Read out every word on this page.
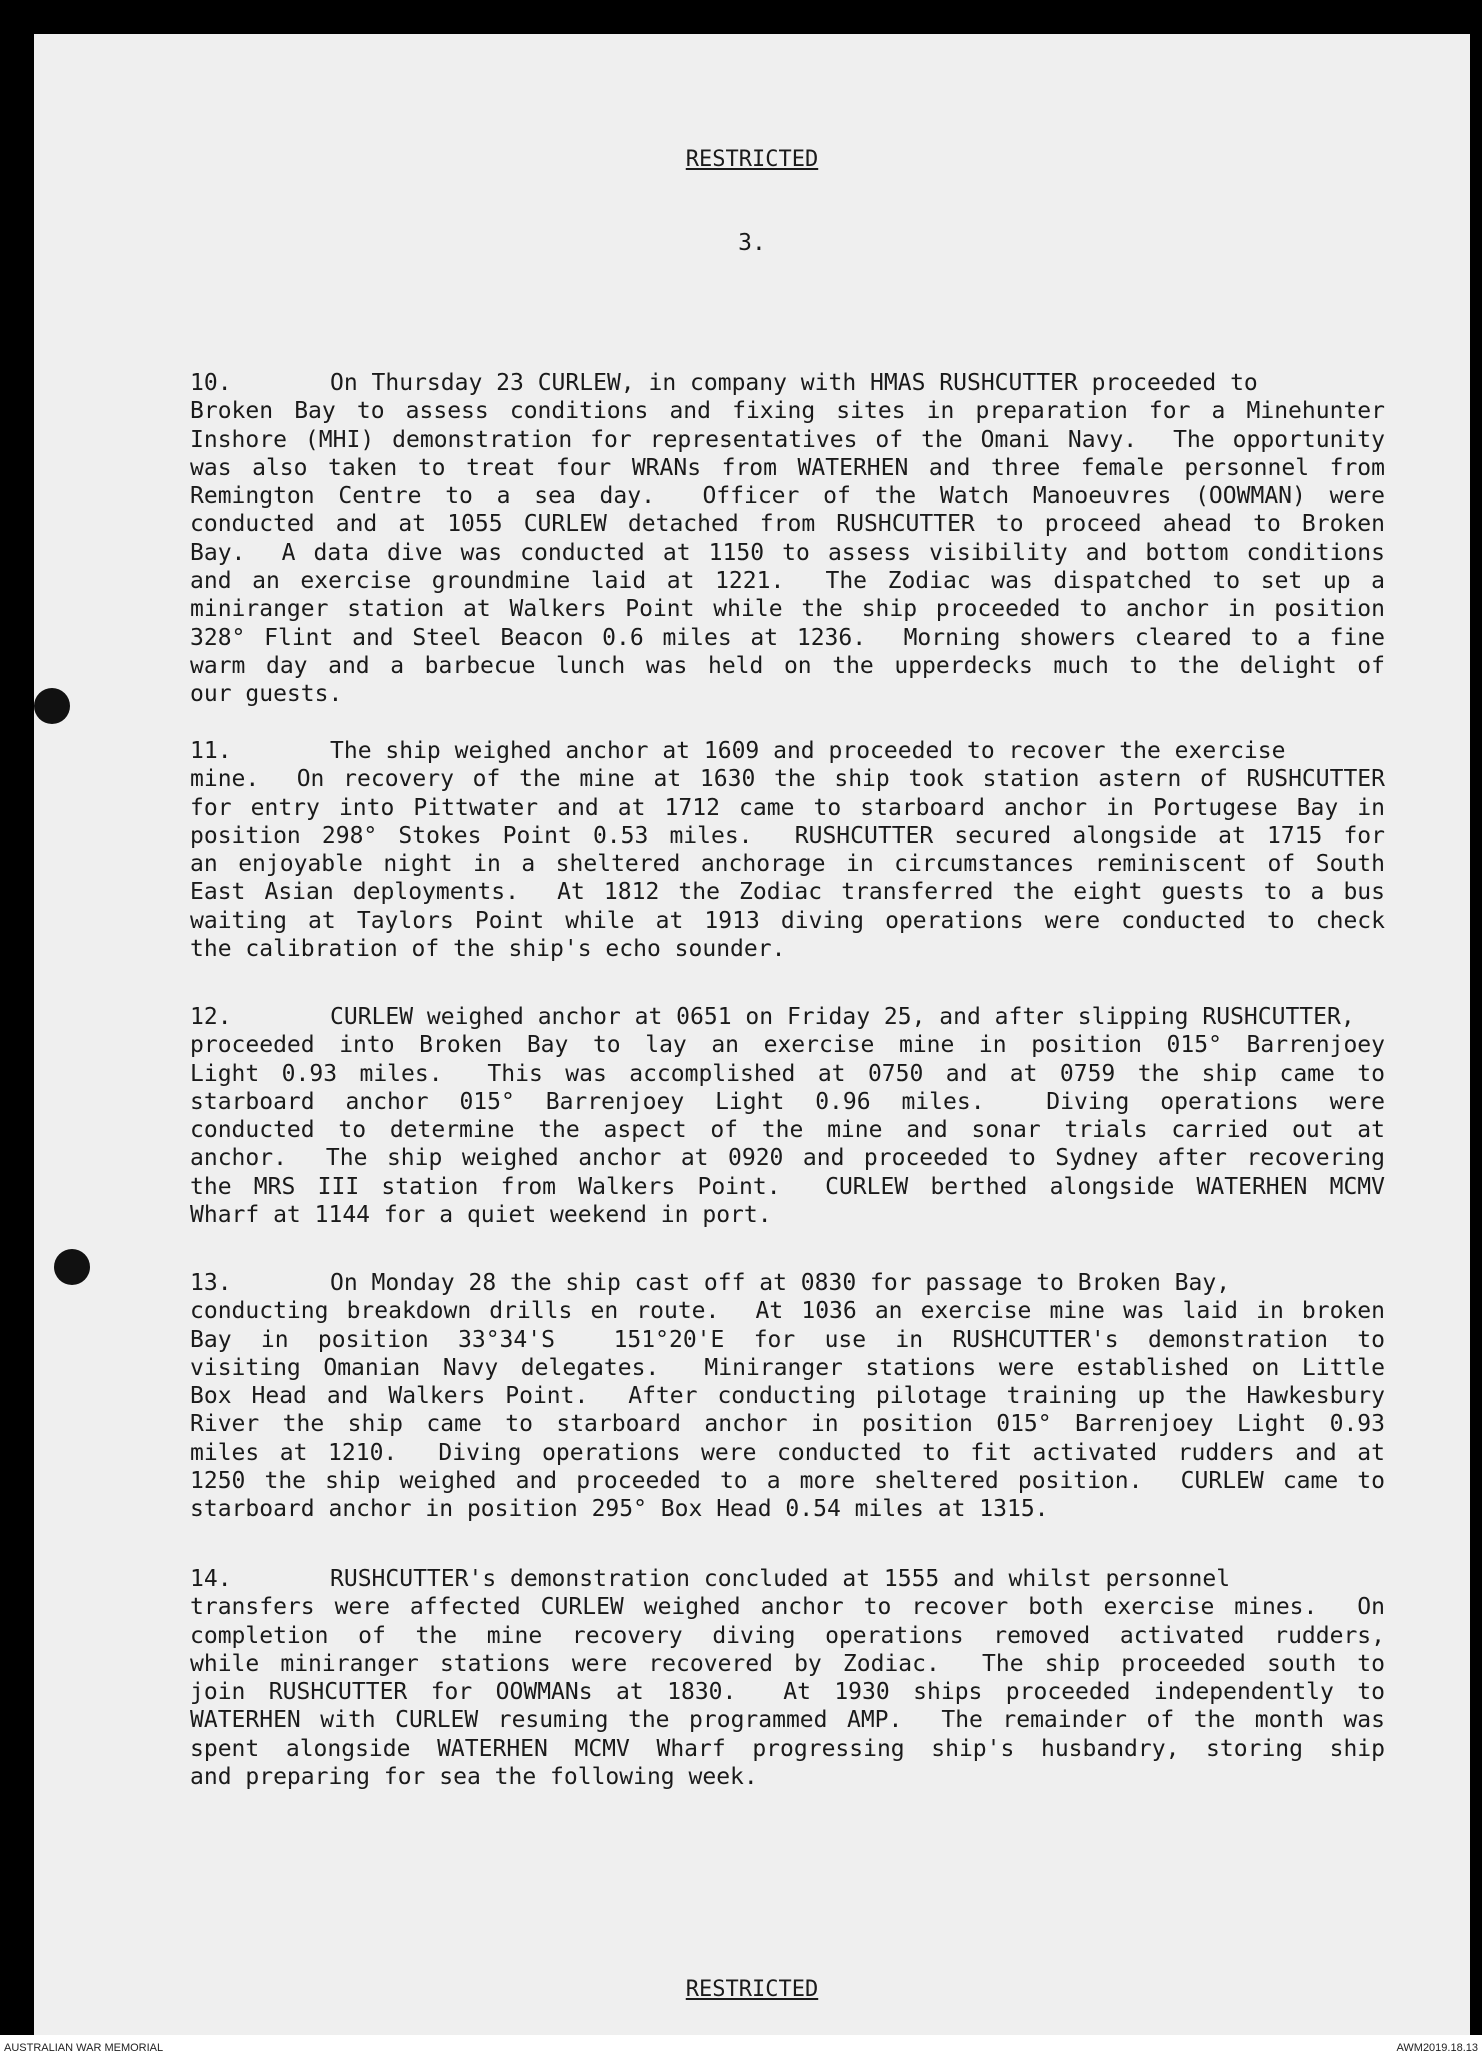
RESTRICTED
3.
10.	On Thursday 23 CURLEW, in company with HMAS RUSHCUTTER proceeded to
Broken Bay to assess conditions and fixing sites in preparation for a Minehunter
Inshore (MHI) demonstration for representatives of the Omani Navy.  The opportunity
was also taken to treat four WRANs from WATERHEN and three female personnel from
Remington Centre to a sea day.  Officer of the Watch Manoeuvres (OOWMAN) were
conducted and at 1055 CURLEW detached from RUSHCUTTER to proceed ahead to Broken
Bay.  A data dive was conducted at 1150 to assess visibility and bottom conditions
and an exercise groundmine laid at 1221.  The Zodiac was dispatched to set up a
miniranger station at Walkers Point while the ship proceeded to anchor in position
328° Flint and Steel Beacon 0.6 miles at 1236.  Morning showers cleared to a fine
warm day and a barbecue lunch was held on the upperdecks much to the delight of
our guests.
11.	The ship weighed anchor at 1609 and proceeded to recover the exercise
mine.  On recovery of the mine at 1630 the ship took station astern of RUSHCUTTER
for entry into Pittwater and at 1712 came to starboard anchor in Portugese Bay in
position 298° Stokes Point 0.53 miles.  RUSHCUTTER secured alongside at 1715 for
an enjoyable night in a sheltered anchorage in circumstances reminiscent of South
East Asian deployments.  At 1812 the Zodiac transferred the eight guests to a bus
waiting at Taylors Point while at 1913 diving operations were conducted to check
the calibration of the ship's echo sounder.
12.	CURLEW weighed anchor at 0651 on Friday 25, and after slipping RUSHCUTTER,
proceeded into Broken Bay to lay an exercise mine in position 015° Barrenjoey
Light 0.93 miles.  This was accomplished at 0750 and at 0759 the ship came to
starboard anchor 015° Barrenjoey Light 0.96 miles.  Diving operations were
conducted to determine the aspect of the mine and sonar trials carried out at
anchor.  The ship weighed anchor at 0920 and proceeded to Sydney after recovering
the MRS III station from Walkers Point.  CURLEW berthed alongside WATERHEN MCMV
Wharf at 1144 for a quiet weekend in port.
13.	On Monday 28 the ship cast off at 0830 for passage to Broken Bay,
conducting breakdown drills en route.  At 1036 an exercise mine was laid in broken
Bay in position 33°34'S  151°20'E for use in RUSHCUTTER's demonstration to
visiting Omanian Navy delegates.  Miniranger stations were established on Little
Box Head and Walkers Point.  After conducting pilotage training up the Hawkesbury
River the ship came to starboard anchor in position 015° Barrenjoey Light 0.93
miles at 1210.  Diving operations were conducted to fit activated rudders and at
1250 the ship weighed and proceeded to a more sheltered position.  CURLEW came to
starboard anchor in position 295° Box Head 0.54 miles at 1315.
14.	RUSHCUTTER's demonstration concluded at 1555 and whilst personnel
transfers were affected CURLEW weighed anchor to recover both exercise mines.  On
completion of the mine recovery diving operations removed activated rudders,
while miniranger stations were recovered by Zodiac.  The ship proceeded south to
join RUSHCUTTER for OOWMANs at 1830.  At 1930 ships proceeded independently to
WATERHEN with CURLEW resuming the programmed AMP.  The remainder of the month was
spent alongside WATERHEN MCMV Wharf progressing ship's husbandry, storing ship
and preparing for sea the following week.
RESTRICTED
AUSTRALIAN WAR MEMORIAL	AWM2019.18.13
